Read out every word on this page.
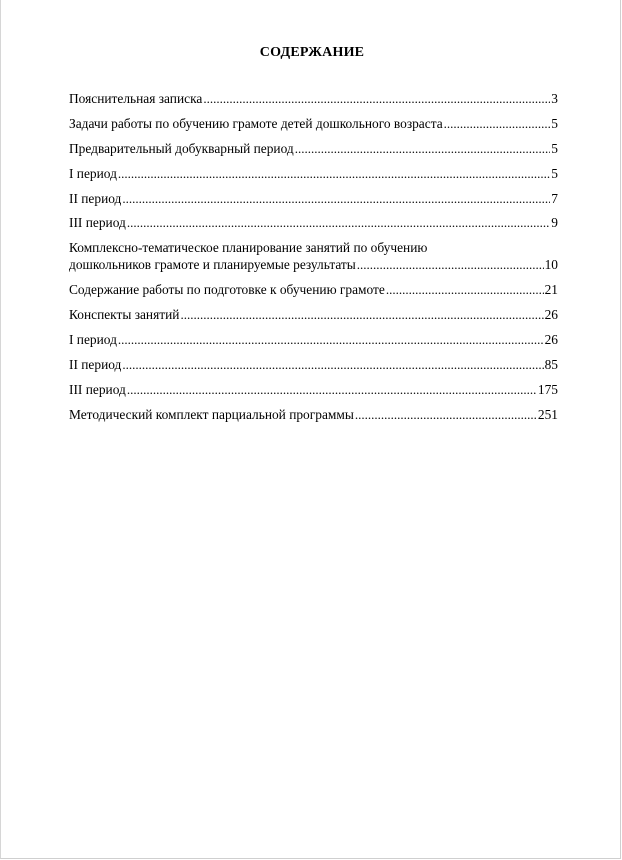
СОДЕРЖАНИЕ
Пояснительная записка .....	3
Задачи работы по обучению грамоте детей дошкольного возраста .....	5
Предварительный добукварный период .....	5
I период .....	5
II период .....	7
III период .....	9
Комплексно-тематическое планирование занятий по обучению
дошкольников грамоте и планируемые результаты .....	10
Содержание работы по подготовке к обучению грамоте .....	21
Конспекты занятий .....	26
I период .....	26
II период .....	85
III период .....	175
Методический комплект парциальной программы .....	251
